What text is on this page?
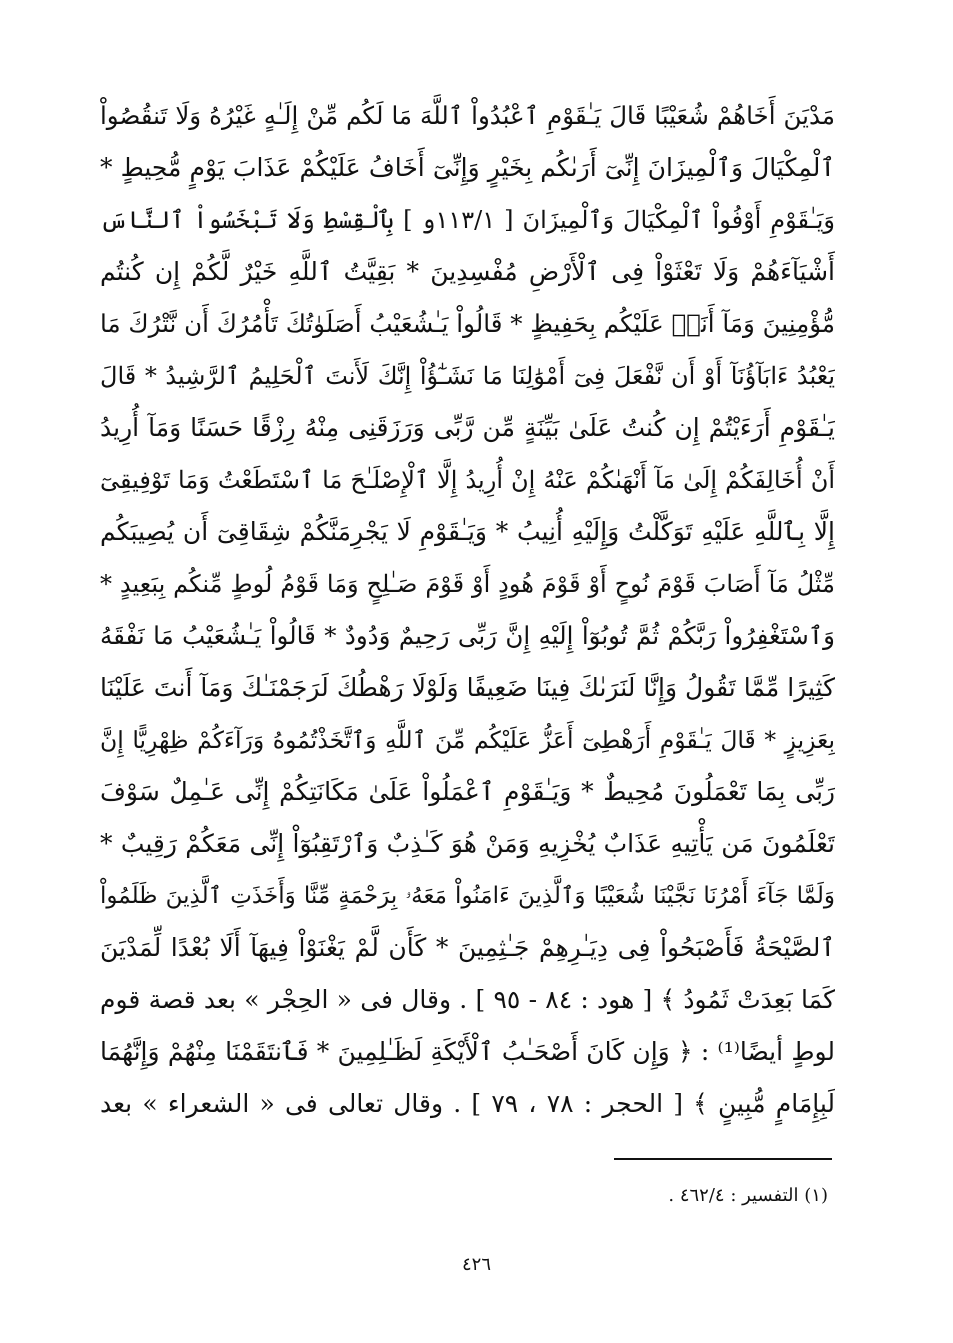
مَدْيَنَ أَخَاهُمْ شُعَيْبًا قَالَ يَـٰقَوْمِ ٱعْبُدُواْ ٱللَّهَ مَا لَكُم مِّنْ إِلَـٰهٍ غَيْرُهُ وَلَا تَنقُصُواْ
ٱلْمِكْيَالَ وَٱلْمِيزَانَ إِنِّىٓ أَرَىٰكُم بِخَيْرٍ وَإِنِّىٓ أَخَافُ عَلَيْكُمْ عَذَابَ يَوْمٍ مُّحِيطٍ *
وَيَـٰقَوْمِ أَوْفُواْ ٱلْمِكْيَالَ وَٱلْمِيزَانَ [ ١١٣/١و ] بِٱلْقِسْطِ وَلَا تَبْخَسُواْ ٱلنَّاسَ
أَشْيَآءَهُمْ وَلَا تَعْثَوْاْ فِى ٱلْأَرْضِ مُفْسِدِينَ * بَقِيَّتُ ٱللَّهِ خَيْرٌ لَّكُمْ إِن كُنتُم
مُّؤْمِنِينَ وَمَآ أَنَا۠ عَلَيْكُم بِحَفِيظٍ * قَالُواْ يَـٰشُعَيْبُ أَصَلَوٰتُكَ تَأْمُرُكَ أَن نَّتْرُكَ مَا
يَعْبُدُ ءَابَآؤُنَآ أَوْ أَن نَّفْعَلَ فِىٓ أَمْوَٰلِنَا مَا نَشَـٰٓؤُاْ إِنَّكَ لَأَنتَ ٱلْحَلِيمُ ٱلرَّشِيدُ * قَالَ
يَـٰقَوْمِ أَرَءَيْتُمْ إِن كُنتُ عَلَىٰ بَيِّنَةٍ مِّن رَّبِّى وَرَزَقَنِى مِنْهُ رِزْقًا حَسَنًا وَمَآ أُرِيدُ
أَنْ أُخَالِفَكُمْ إِلَىٰ مَآ أَنْهَىٰكُمْ عَنْهُ إِنْ أُرِيدُ إِلَّا ٱلْإِصْلَـٰحَ مَا ٱسْتَطَعْتُ وَمَا تَوْفِيقِىٓ
إِلَّا بِٱللَّهِ عَلَيْهِ تَوَكَّلْتُ وَإِلَيْهِ أُنِيبُ * وَيَـٰقَوْمِ لَا يَجْرِمَنَّكُمْ شِقَاقِىٓ أَن يُصِيبَكُم
مِّثْلُ مَآ أَصَابَ قَوْمَ نُوحٍ أَوْ قَوْمَ هُودٍ أَوْ قَوْمَ صَـٰلِحٍ وَمَا قَوْمُ لُوطٍ مِّنكُم بِبَعِيدٍ *
وَٱسْتَغْفِرُواْ رَبَّكُمْ ثُمَّ تُوبُوٓاْ إِلَيْهِ إِنَّ رَبِّى رَحِيمٌ وَدُودٌ * قَالُواْ يَـٰشُعَيْبُ مَا نَفْقَهُ
كَثِيرًا مِّمَّا تَقُولُ وَإِنَّا لَنَرَىٰكَ فِينَا ضَعِيفًا وَلَوْلَا رَهْطُكَ لَرَجَمْنَـٰكَ وَمَآ أَنتَ عَلَيْنَا
بِعَزِيزٍ * قَالَ يَـٰقَوْمِ أَرَهْطِىٓ أَعَزُّ عَلَيْكُم مِّنَ ٱللَّهِ وَٱتَّخَذْتُمُوهُ وَرَآءَكُمْ ظِهْرِيًّا إِنَّ
رَبِّى بِمَا تَعْمَلُونَ مُحِيطٌ * وَيَـٰقَوْمِ ٱعْمَلُواْ عَلَىٰ مَكَانَتِكُمْ إِنِّى عَـٰمِلٌ سَوْفَ
تَعْلَمُونَ مَن يَأْتِيهِ عَذَابٌ يُخْزِيهِ وَمَنْ هُوَ كَـٰذِبٌ وَٱرْتَقِبُوٓاْ إِنِّى مَعَكُمْ رَقِيبٌ *
وَلَمَّا جَآءَ أَمْرُنَا نَجَّيْنَا شُعَيْبًا وَٱلَّذِينَ ءَامَنُواْ مَعَهُۥ بِرَحْمَةٍ مِّنَّا وَأَخَذَتِ ٱلَّذِينَ ظَلَمُواْ
ٱلصَّيْحَةُ فَأَصْبَحُواْ فِى دِيَـٰرِهِمْ جَـٰثِمِينَ * كَأَن لَّمْ يَغْنَوْاْ فِيهَآ أَلَا بُعْدًا لِّمَدْيَنَ
كَمَا بَعِدَتْ ثَمُودُ ﴾ [ هود : ٨٤ - ٩٥ ] . وقال فى « الحِجْر » بعد قصة قوم
لوطٍ أيضًا⁽¹⁾ : ﴿ وَإِن كَانَ أَصْحَـٰبُ ٱلْأَيْكَةِ لَظَـٰلِمِينَ * فَٱنتَقَمْنَا مِنْهُمْ وَإِنَّهُمَا
لَبِإِمَامٍ مُّبِينٍ ﴾ [ الحجر : ٧٨ ، ٧٩ ] . وقال تعالى فى « الشعراء » بعد
(١) التفسير : ٤٦٢/٤ .
٤٢٦
